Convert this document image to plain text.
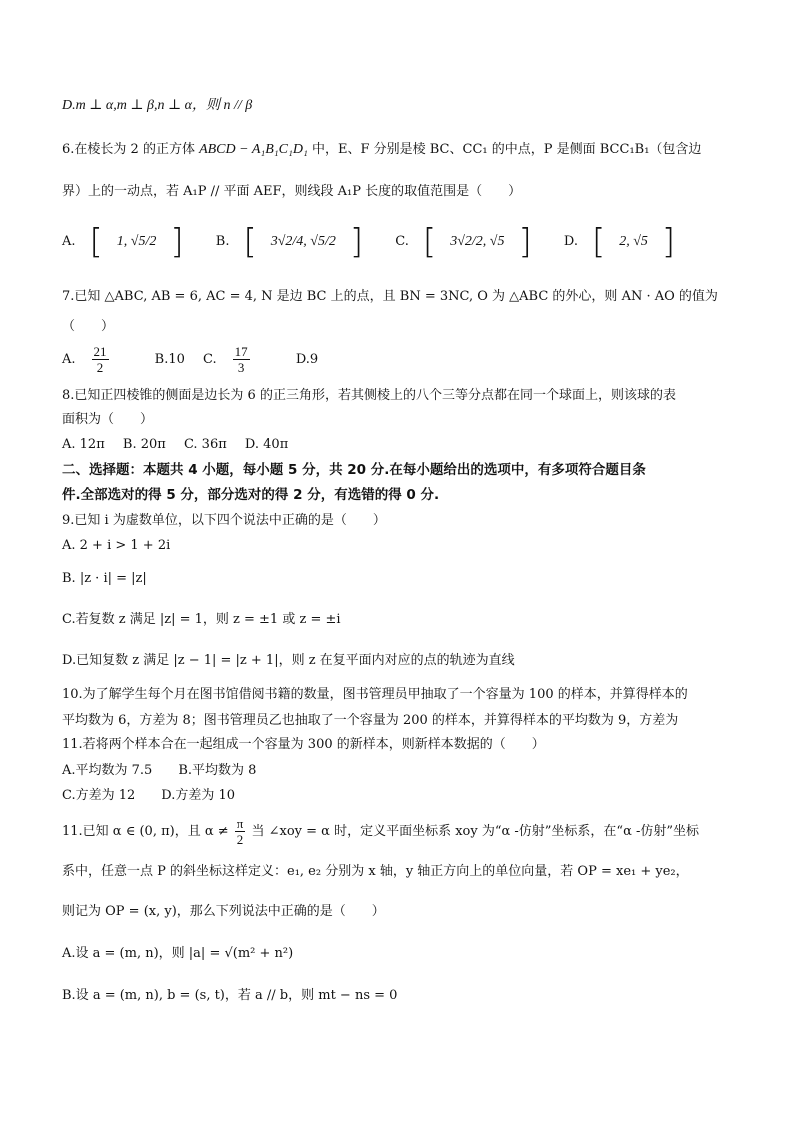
D.m ⊥ α,m ⊥ β,n ⊥ α，则 n // β
6.在棱长为 2 的正方体 ABCD − A₁B₁C₁D₁ 中，E、F 分别是棱 BC、CC₁ 的中点，P 是侧面 BCC₁B₁（包含边
界）上的一动点，若 A₁P // 平面 AEF，则线段 A₁P 长度的取值范围是（　　）
A. [ 1, √5/2 ] B. [ 3√2/4, √5/2 ] C. [ 3√2/2, √5 ] D. [ 2, √5 ]
7.已知 △ABC, AB = 6, AC = 4, N 是边 BC 上的点，且 BN = 3NC, O 为 △ABC 的外心，则 AN · AO 的值为
（　　）
A. $\frac{21}{2} B.10$ C. $\frac{17}{3} D.9$
8.已知正四棱锥的侧面是边长为 6 的正三角形，若其侧棱上的八个三等分点都在同一个球面上，则该球的表
面积为（　　）
A. 12π B. 20π C. 36π D. 40π
二、选择题：本题共 4 小题，每小题 5 分，共 20 分.在每小题给出的选项中，有多项符合题目条
件.全部选对的得 5 分，部分选对的得 2 分，有选错的得 0 分.
9.已知 i 为虚数单位，以下四个说法中正确的是（　　）
A. 2 + i > 1 + 2i
B. |z · i| = |z|
C.若复数 z 满足 |z| = 1，则 z = ±1 或 z = ±i
D.已知复数 z 满足 |z − 1| = |z + 1|，则 z 在复平面内对应的点的轨迹为直线
10.为了解学生每个月在图书馆借阅书籍的数量，图书管理员甲抽取了一个容量为 100 的样本，并算得样本的
平均数为 6，方差为 8；图书管理员乙也抽取了一个容量为 200 的样本，并算得样本的平均数为 9，方差为
11.若将两个样本合在一起组成一个容量为 300 的新样本，则新样本数据的（　　）
A.平均数为 7.5　　B.平均数为 8
C.方差为 12　　D.方差为 10
11.已知 α ∈ (0, π)，且 $\alpha \ne \frac{\pi}{2}$ 当 ∠xoy = α 时，定义平面坐标系 xoy 为“α -仿射”坐标系，在“α -仿射”坐标
系中，任意一点 P 的斜坐标这样定义：e₁, e₂ 分别为 x 轴，y 轴正方向上的单位向量，若 OP = xe₁ + ye₂，
则记为 OP = (x, y)，那么下列说法中正确的是（　　）
A.设 a = (m, n)，则 |a| = √(m² + n²)
B.设 a = (m, n), b = (s, t)，若 a // b，则 mt − ns = 0
